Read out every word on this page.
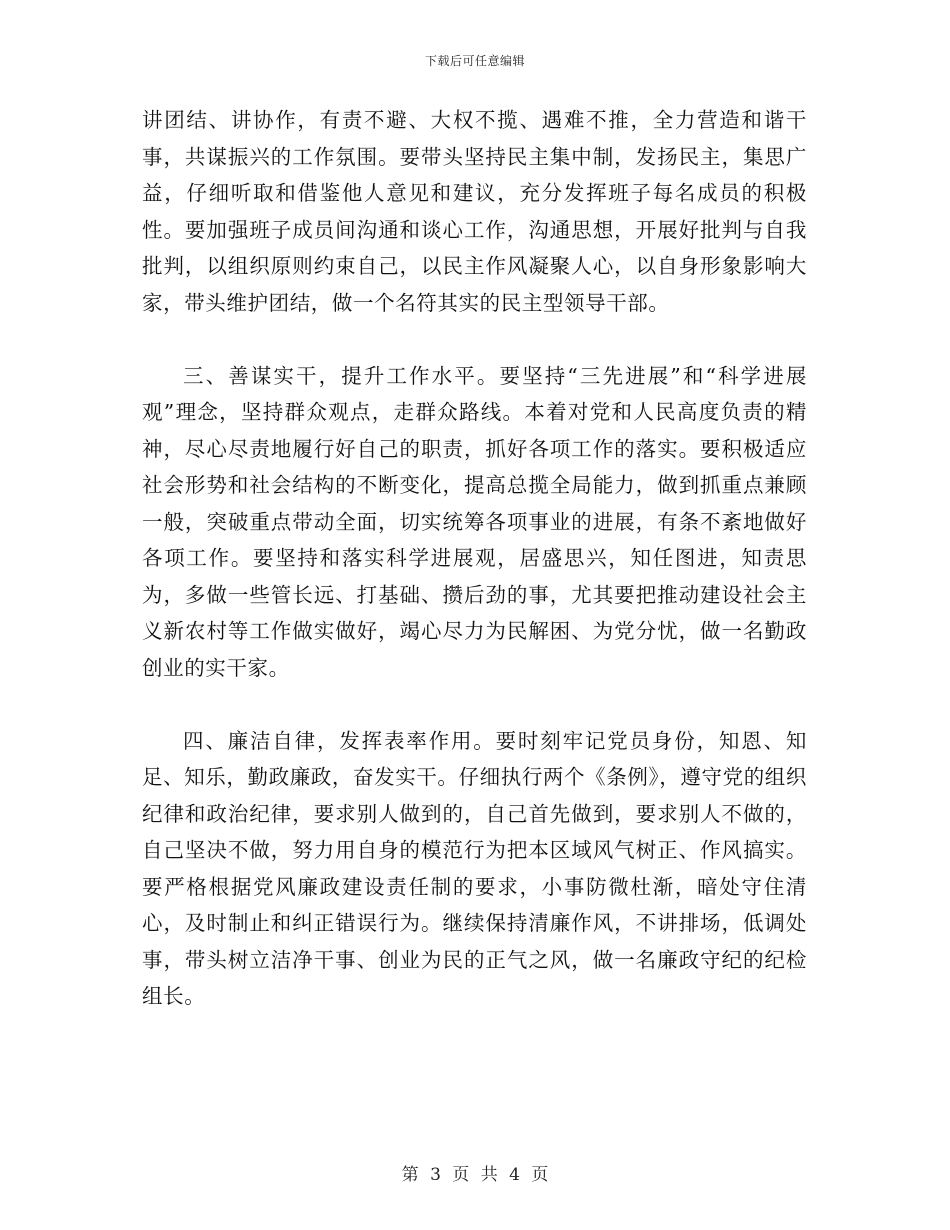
下载后可任意编辑

讲团结、讲协作，有责不避、大权不揽、遇难不推，全力营造和谐干事，共谋振兴的工作氛围。要带头坚持民主集中制，发扬民主，集思广益，仔细听取和借鉴他人意见和建议，充分发挥班子每名成员的积极性。要加强班子成员间沟通和谈心工作，沟通思想，开展好批判与自我批判，以组织原则约束自己，以民主作风凝聚人心，以自身形象影响大家，带头维护团结，做一个名符其实的民主型领导干部。

三、善谋实干，提升工作水平。要坚持“三先进展”和“科学进展观”理念，坚持群众观点，走群众路线。本着对党和人民高度负责的精神，尽心尽责地履行好自己的职责，抓好各项工作的落实。要积极适应社会形势和社会结构的不断变化，提高总揽全局能力，做到抓重点兼顾一般，突破重点带动全面，切实统筹各项事业的进展，有条不紊地做好各项工作。要坚持和落实科学进展观，居盛思兴，知任图进，知责思为，多做一些管长远、打基础、攒后劲的事，尤其要把推动建设社会主义新农村等工作做实做好，竭心尽力为民解困、为党分忧，做一名勤政创业的实干家。

四、廉洁自律，发挥表率作用。要时刻牢记党员身份，知恩、知足、知乐，勤政廉政，奋发实干。仔细执行两个《条例》，遵守党的组织纪律和政治纪律，要求别人做到的，自己首先做到，要求别人不做的，自己坚决不做，努力用自身的模范行为把本区域风气树正、作风搞实。要严格根据党风廉政建设责任制的要求，小事防微杜渐，暗处守住清心，及时制止和纠正错误行为。继续保持清廉作风，不讲排场，低调处事，带头树立洁净干事、创业为民的正气之风，做一名廉政守纪的纪检组长。

第 3 页 共 4 页
